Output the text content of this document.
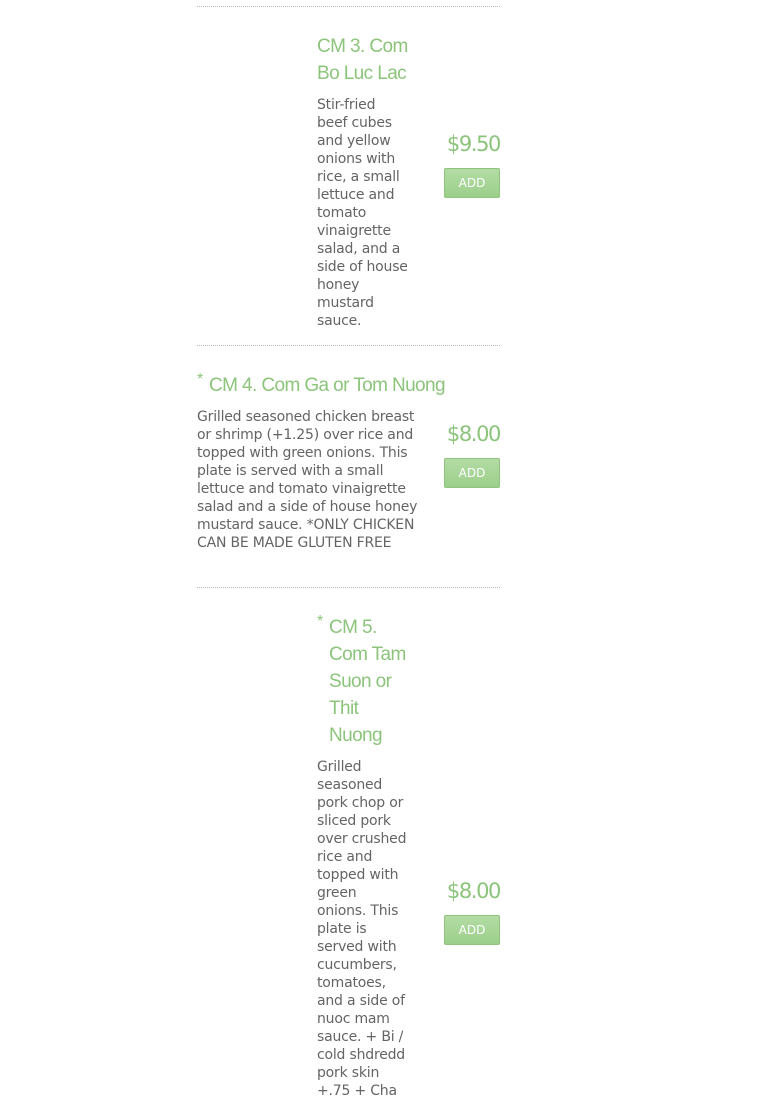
CM 3. Com
Bo Luc Lac
Stir-fried
beef cubes
and yellow
onions with
rice, a small
lettuce and
tomato
vinaigrette
salad, and a
side of house
honey
mustard
sauce.
$9.50
ADD
* CM 4. Com Ga or Tom Nuong
Grilled seasoned chicken breast
or shrimp (+1.25) over rice and
topped with green onions. This
plate is served with a small
lettuce and tomato vinaigrette
salad and a side of house honey
mustard sauce. *ONLY CHICKEN
CAN BE MADE GLUTEN FREE
$8.00
ADD
* CM 5.
Com Tam
Suon or
Thit
Nuong
Grilled
seasoned
pork chop or
sliced pork
over crushed
rice and
topped with
green
onions. This
plate is
served with
cucumbers,
tomatoes,
and a side of
nuoc mam
sauce. + Bi /
cold shdredd
pork skin
+.75 + Cha
$8.00
ADD
